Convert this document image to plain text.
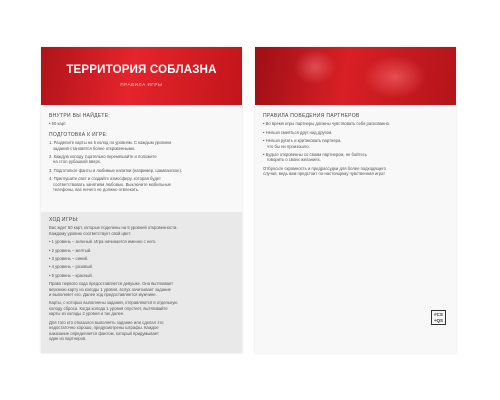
ТЕРРИТОРИЯ СОБЛАЗНА
ПРАВИЛА ИГРЫ
ВНУТРИ ВЫ НАЙДЕТЕ:
• 50 карт
ПОДГОТОВКА К ИГРЕ:
1. Разделите карты на 5 колод по уровням. С каждым уровнем
задания становятся более откровенными.
2. Каждую колоду тщательно перемешайте и положите
на стол рубашкой вверх.
3. Подготовьте фанты и любимые напитки (например, шампанское).
4. Приглушите свет и создайте атмосферу, которая будет
соответствовать занятиям любовью. Выключите мобильные
телефоны, вас ничего не должно отвлекать.
ХОД ИГРЫ:
Вас ждет 50 карт, которые поделены на 5 уровней откровенности.
Каждому уровню соответствует свой цвет:
• 1 уровень – зеленый. Игра начинается именно с него.
• 2 уровень – желтый.
• 3 уровень – синий.
• 4 уровень – розовый.
• 5 уровень – красный.
Право первого хода предоставляется девушке. Она вытягивает
верхнюю карту из колоды 1 уровня, вслух зачитывает задание
и выполняет его. Далее ход предоставляется мужчине.
Карты, с которых выполнены задания, отправляются в отдельную
колоду сброса. Когда колода 1 уровня опустеет, вытягивайте
карты из колоды 2 уровня и так далее.
Для того кто отказался выполнять задание или сделал это
недостаточно хорошо, предусмотрены штрафы. Каждое
наказание определяется фантом, который придумывает
один из партнеров.
ПРАВИЛА ПОВЕДЕНИЯ ПАРТНЕРОВ
• Во время игры партнеры должны чувствовать себя раскованно.
• Нельзя смеяться друг над другом.
• Нельзя ругать и критиковать партнера,
что бы ни произошло.
• Будьте откровенны со своим партнером, не бойтесь
говорить о своих желаниях.
Отбросьте скромность и предрассудки для более подходящего
случая, ведь вам предстоит по-настоящему чувственная игра!
#CS
+QS
